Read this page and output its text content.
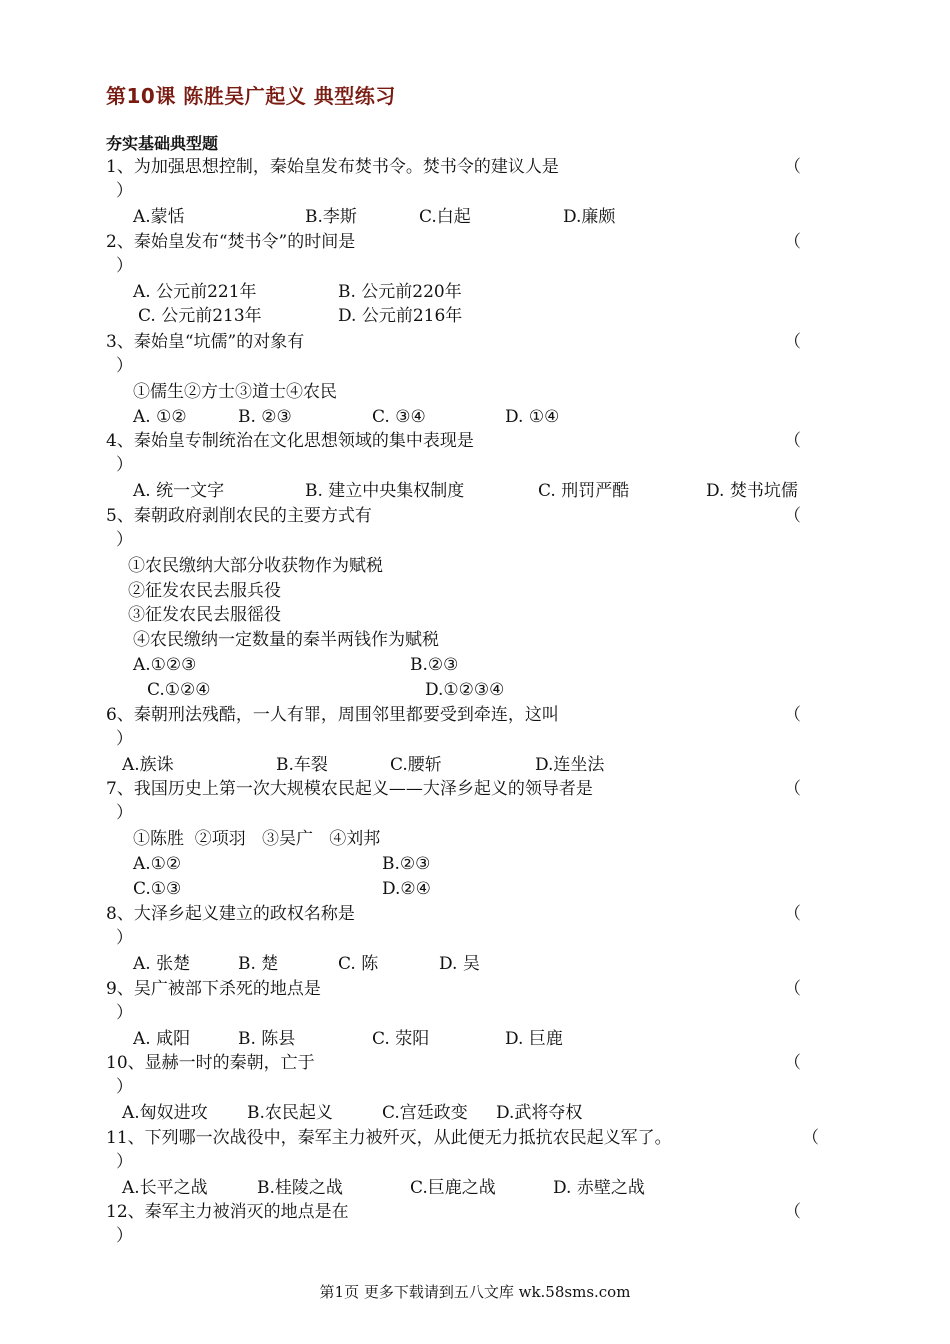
第10课 陈胜吴广起义 典型练习
夯实基础典型题
1、为加强思想控制，秦始皇发布焚书令。焚书令的建议人是	（
）
A.蒙恬	B.李斯	C.白起	D.廉颇
2、秦始皇发布“焚书令”的时间是	（
）
A. 公元前221年	B. 公元前220年
C. 公元前213年	D. 公元前216年
3、秦始皇“坑儒”的对象有	（
）
①儒生②方士③道士④农民
A. ①②	B. ②③	C. ③④	D. ①④
4、秦始皇专制统治在文化思想领域的集中表现是	（
）
A. 统一文字	B. 建立中央集权制度	C. 刑罚严酷	D. 焚书坑儒
5、秦朝政府剥削农民的主要方式有	（
）
①农民缴纳大部分收获物作为赋税
②征发农民去服兵役
③征发农民去服徭役
④农民缴纳一定数量的秦半两钱作为赋税
A.①②③	B.②③
C.①②④	D.①②③④
6、秦朝刑法残酷，一人有罪，周围邻里都要受到牵连，这叫	（
）
A.族诛	B.车裂	C.腰斩	D.连坐法
7、我国历史上第一次大规模农民起义——大泽乡起义的领导者是	（
）
①陈胜  ②项羽   ③吴广   ④刘邦
A.①②	B.②③
C.①③	D.②④
8、大泽乡起义建立的政权名称是	（
）
A. 张楚	B. 楚	C. 陈	D. 吴
9、吴广被部下杀死的地点是	（
）
A. 咸阳	B. 陈县	C. 荥阳	D. 巨鹿
10、显赫一时的秦朝，亡于	（
）
A.匈奴进攻 B.农民起义	C.宫廷政变 D.武将夺权
11、下列哪一次战役中，秦军主力被歼灭，从此便无力抵抗农民起义军了。	（
）
A.长平之战	B.桂陵之战	C.巨鹿之战	D. 赤壁之战
12、秦军主力被消灭的地点是在	（
）
第1页 更多下载请到五八文库 wk.58sms.com
